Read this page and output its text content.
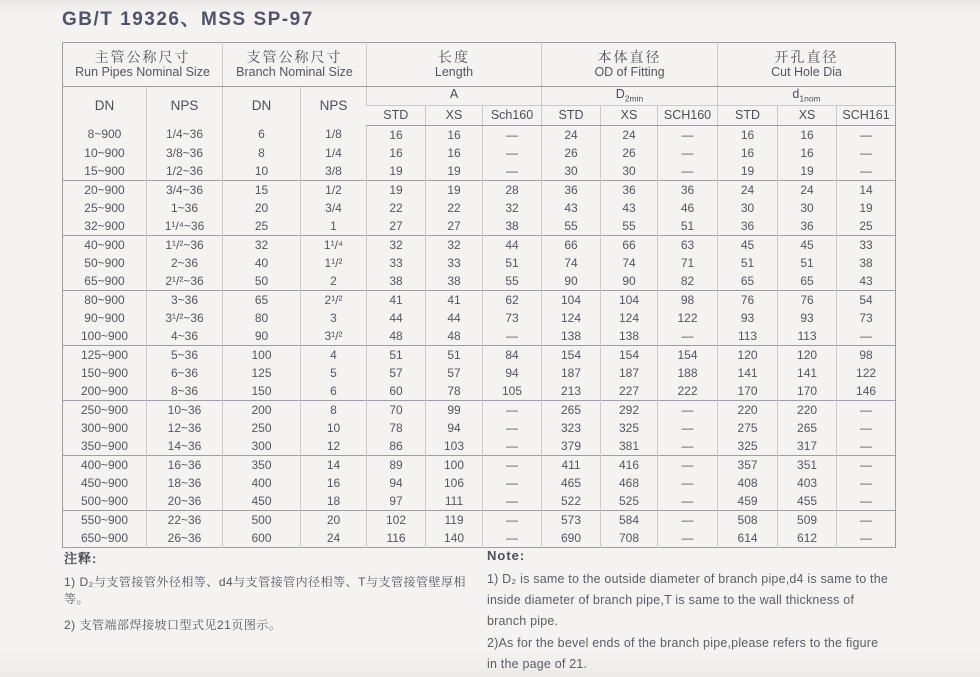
GB/T 19326、MSS SP-97
主管公称尺寸
Run Pipes Nominal Size

支管公称尺寸
Branch Nominal Size

长度
Length

本体直径
OD of Fitting

开孔直径
Cut Hole Dia

DN	NPS	DN	NPS	A			$D_{2min}$			$d_{1nom}$
				STD	XS	Sch160	STD	XS	SCH160	STD	XS	SCH161
8~900	1/4~36	6	1/8	16	16	—	24	24	—	16	16	—
10~900	3/8~36	8	1/4	16	16	—	26	26	—	16	16	—
15~900	1/2~36	10	3/8	19	19	—	30	30	—	19	19	—
20~900	3/4~36	15	1/2	19	19	28	36	36	36	24	24	14
25~900	1~36	20	3/4	22	22	32	43	43	46	30	30	19
32~900	1¹/⁴~36	25	1	27	27	38	55	55	51	36	36	25
40~900	1¹/²~36	32	1¹/⁴	32	32	44	66	66	63	45	45	33
50~900	2~36	40	1¹/²	33	33	51	74	74	71	51	51	38
65~900	2¹/²~36	50	2	38	38	55	90	90	82	65	65	43
80~900	3~36	65	2¹/²	41	41	62	104	104	98	76	76	54
90~900	3¹/²~36	80	3	44	44	73	124	124	122	93	93	73
100~900	4~36	90	3¹/²	48	48	—	138	138	—	113	113	—
125~900	5~36	100	4	51	51	84	154	154	154	120	120	98
150~900	6~36	125	5	57	57	94	187	187	188	141	141	122
200~900	8~36	150	6	60	78	105	213	227	222	170	170	146
250~900	10~36	200	8	70	99	—	265	292	—	220	220	—
300~900	12~36	250	10	78	94	—	323	325	—	275	265	—
350~900	14~36	300	12	86	103	—	379	381	—	325	317	—
400~900	16~36	350	14	89	100	—	411	416	—	357	351	—
450~900	18~36	400	16	94	106	—	465	468	—	408	403	—
500~900	20~36	450	18	97	111	—	522	525	—	459	455	—
550~900	22~36	500	20	102	119	—	573	584	—	508	509	—
650~900	26~36	600	24	116	140	—	690	708	—	614	612	—
注释:
1) D₂与支管接管外径相等、d4与支管接管内径相等、T与支管接管壁厚相等。
2) 支管端部焊接坡口型式见21页图示。
Note:

1) D₂ is same to the outside diameter of branch pipe,d4 is same to the inside diameter of branch pipe,T is same to the wall thickness of branch pipe.

2)As for the bevel ends of the branch pipe,please refers to the figure in the page of 21.
